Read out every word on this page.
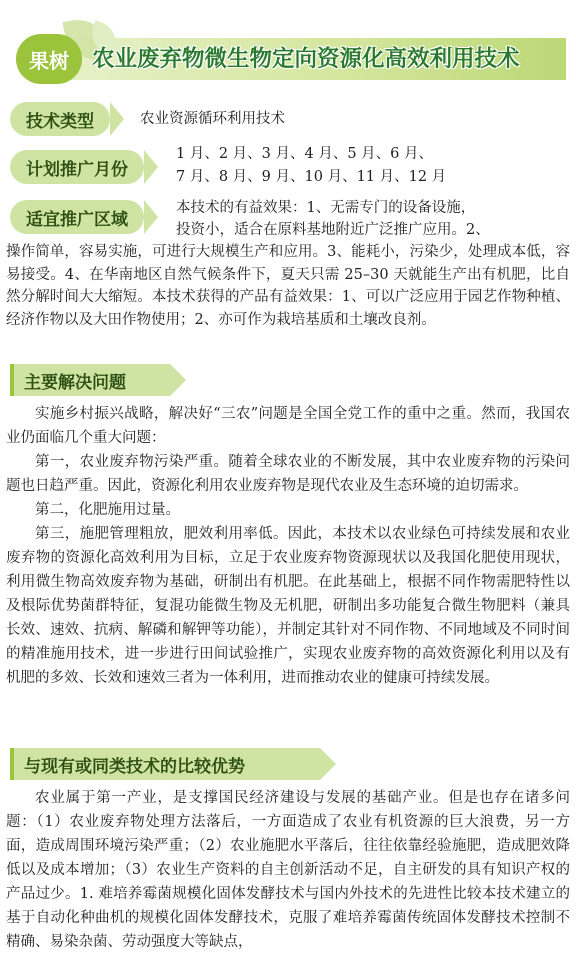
果树	农业废弃物微生物定向资源化高效利用技术
技术类型	农业资源循环利用技术
计划推广月份
1 月、2 月、3 月、4 月、5 月、6 月、
7 月、8 月、9 月、10 月、11 月、12 月
适宜推广区域
本技术的有益效果：1、无需专门的设备设施，
投资小，适合在原料基地附近广泛推广应用。2、

操作简单，容易实施，可进行大规模生产和应用。3、能耗小，污染少，处理成本低，容易接受。4、在华南地区自然气候条件下，夏天只需 25–30 天就能生产出有机肥，比自然分解时间大大缩短。本技术获得的产品有益效果：1、可以广泛应用于园艺作物种植、经济作物以及大田作物使用；2、亦可作为栽培基质和土壤改良剂。

主要解决问题

实施乡村振兴战略，解决好“三农”问题是全国全党工作的重中之重。然而，我国农业仍面临几个重大问题：

第一，农业废弃物污染严重。随着全球农业的不断发展，其中农业废弃物的污染问题也日趋严重。因此，资源化利用农业废弃物是现代农业及生态环境的迫切需求。

第二，化肥施用过量。

第三，施肥管理粗放，肥效利用率低。因此，本技术以农业绿色可持续发展和农业废弃物的资源化高效利用为目标，立足于农业废弃物资源现状以及我国化肥使用现状，利用微生物高效废弃物为基础，研制出有机肥。在此基础上，根据不同作物需肥特性以及根际优势菌群特征，复混功能微生物及无机肥，研制出多功能复合微生物肥料（兼具长效、速效、抗病、解磷和解钾等功能），并制定其针对不同作物、不同地域及不同时间的精准施用技术，进一步进行田间试验推广，实现农业废弃物的高效资源化利用以及有机肥的多效、长效和速效三者为一体利用，进而推动农业的健康可持续发展。

与现有或同类技术的比较优势

农业属于第一产业，是支撑国民经济建设与发展的基础产业。但是也存在诸多问题：（1）农业废弃物处理方法落后，一方面造成了农业有机资源的巨大浪费，另一方面，造成周围环境污染严重；（2）农业施肥水平落后，往往依靠经验施肥，造成肥效降低以及成本增加；（3）农业生产资料的自主创新活动不足，自主研发的具有知识产权的产品过少。1. 难培养霉菌规模化固体发酵技术与国内外技术的先进性比较本技术建立的基于自动化种曲机的规模化固体发酵技术，克服了难培养霉菌传统固体发酵技术控制不精确、易染杂菌、劳动强度大等缺点，
